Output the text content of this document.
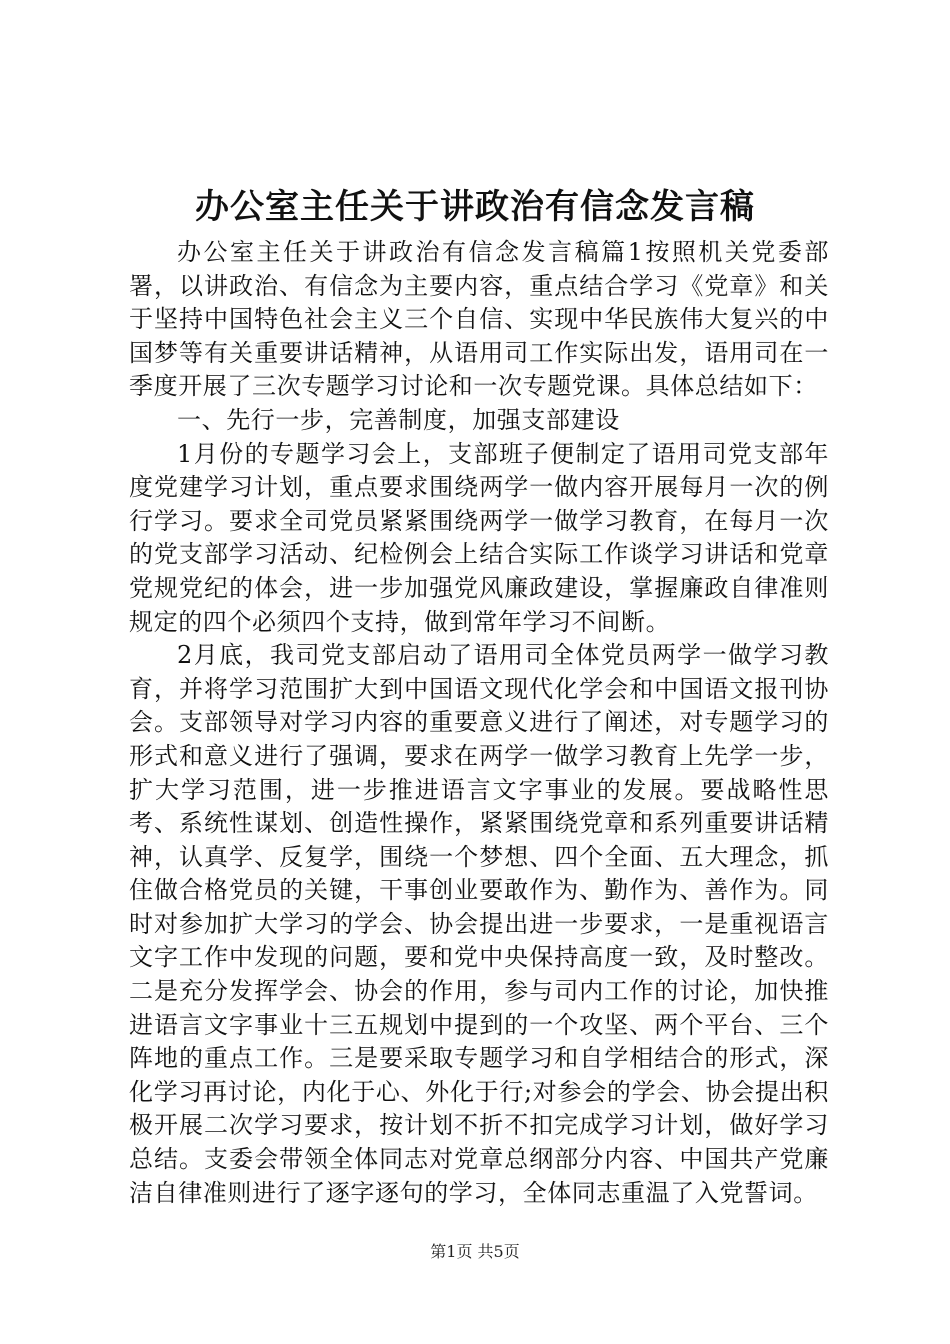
办公室主任关于讲政治有信念发言稿

办公室主任关于讲政治有信念发言稿篇1按照机关党委部署，以讲政治、有信念为主要内容，重点结合学习《党章》和关于坚持中国特色社会主义三个自信、实现中华民族伟大复兴的中国梦等有关重要讲话精神，从语用司工作实际出发，语用司在一季度开展了三次专题学习讨论和一次专题党课。具体总结如下：

一、先行一步，完善制度，加强支部建设

1月份的专题学习会上，支部班子便制定了语用司党支部年度党建学习计划，重点要求围绕两学一做内容开展每月一次的例行学习。要求全司党员紧紧围绕两学一做学习教育，在每月一次的党支部学习活动、纪检例会上结合实际工作谈学习讲话和党章党规党纪的体会，进一步加强党风廉政建设，掌握廉政自律准则规定的四个必须四个支持，做到常年学习不间断。

2月底，我司党支部启动了语用司全体党员两学一做学习教育，并将学习范围扩大到中国语文现代化学会和中国语文报刊协会。支部领导对学习内容的重要意义进行了阐述，对专题学习的形式和意义进行了强调，要求在两学一做学习教育上先学一步，扩大学习范围，进一步推进语言文字事业的发展。要战略性思考、系统性谋划、创造性操作，紧紧围绕党章和系列重要讲话精神，认真学、反复学，围绕一个梦想、四个全面、五大理念，抓住做合格党员的关键，干事创业要敢作为、勤作为、善作为。同时对参加扩大学习的学会、协会提出进一步要求，一是重视语言文字工作中发现的问题，要和党中央保持高度一致，及时整改。二是充分发挥学会、协会的作用，参与司内工作的讨论，加快推进语言文字事业十三五规划中提到的一个攻坚、两个平台、三个阵地的重点工作。三是要采取专题学习和自学相结合的形式，深化学习再讨论，内化于心、外化于行;对参会的学会、协会提出积极开展二次学习要求，按计划不折不扣完成学习计划，做好学习总结。支委会带领全体同志对党章总纲部分内容、中国共产党廉洁自律准则进行了逐字逐句的学习，全体同志重温了入党誓词。

第1页 共5页
